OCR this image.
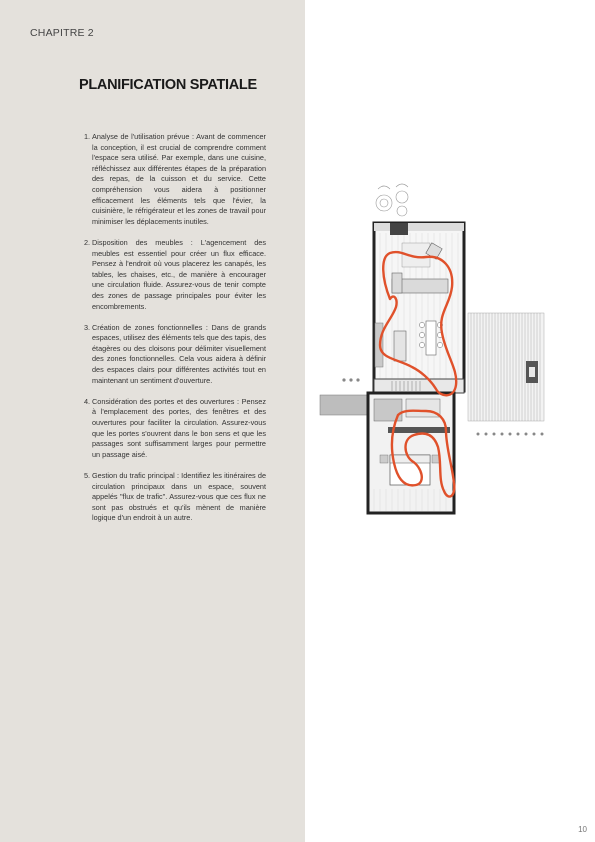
CHAPITRE 2
PLANIFICATION SPATIALE
1. Analyse de l'utilisation prévue : Avant de commencer la conception, il est crucial de comprendre comment l'espace sera utilisé. Par exemple, dans une cuisine, réfléchissez aux différentes étapes de la préparation des repas, de la cuisson et du service. Cette compréhension vous aidera à positionner efficacement les éléments tels que l'évier, la cuisinière, le réfrigérateur et les zones de travail pour minimiser les déplacements inutiles.
2. Disposition des meubles : L'agencement des meubles est essentiel pour créer un flux efficace. Pensez à l'endroit où vous placerez les canapés, les tables, les chaises, etc., de manière à encourager une circulation fluide. Assurez-vous de tenir compte des zones de passage principales pour éviter les encombrements.
3. Création de zones fonctionnelles : Dans de grands espaces, utilisez des éléments tels que des tapis, des étagères ou des cloisons pour délimiter visuellement des zones fonctionnelles. Cela vous aidera à définir des espaces clairs pour différentes activités tout en maintenant un sentiment d'ouverture.
4. Considération des portes et des ouvertures : Pensez à l'emplacement des portes, des fenêtres et des ouvertures pour faciliter la circulation. Assurez-vous que les portes s'ouvrent dans le bon sens et que les passages sont suffisamment larges pour permettre un passage aisé.
5. Gestion du trafic principal : Identifiez les itinéraires de circulation principaux dans un espace, souvent appelés "flux de trafic". Assurez-vous que ces flux ne sont pas obstrués et qu'ils mènent de manière logique d'un endroit à un autre.
10
